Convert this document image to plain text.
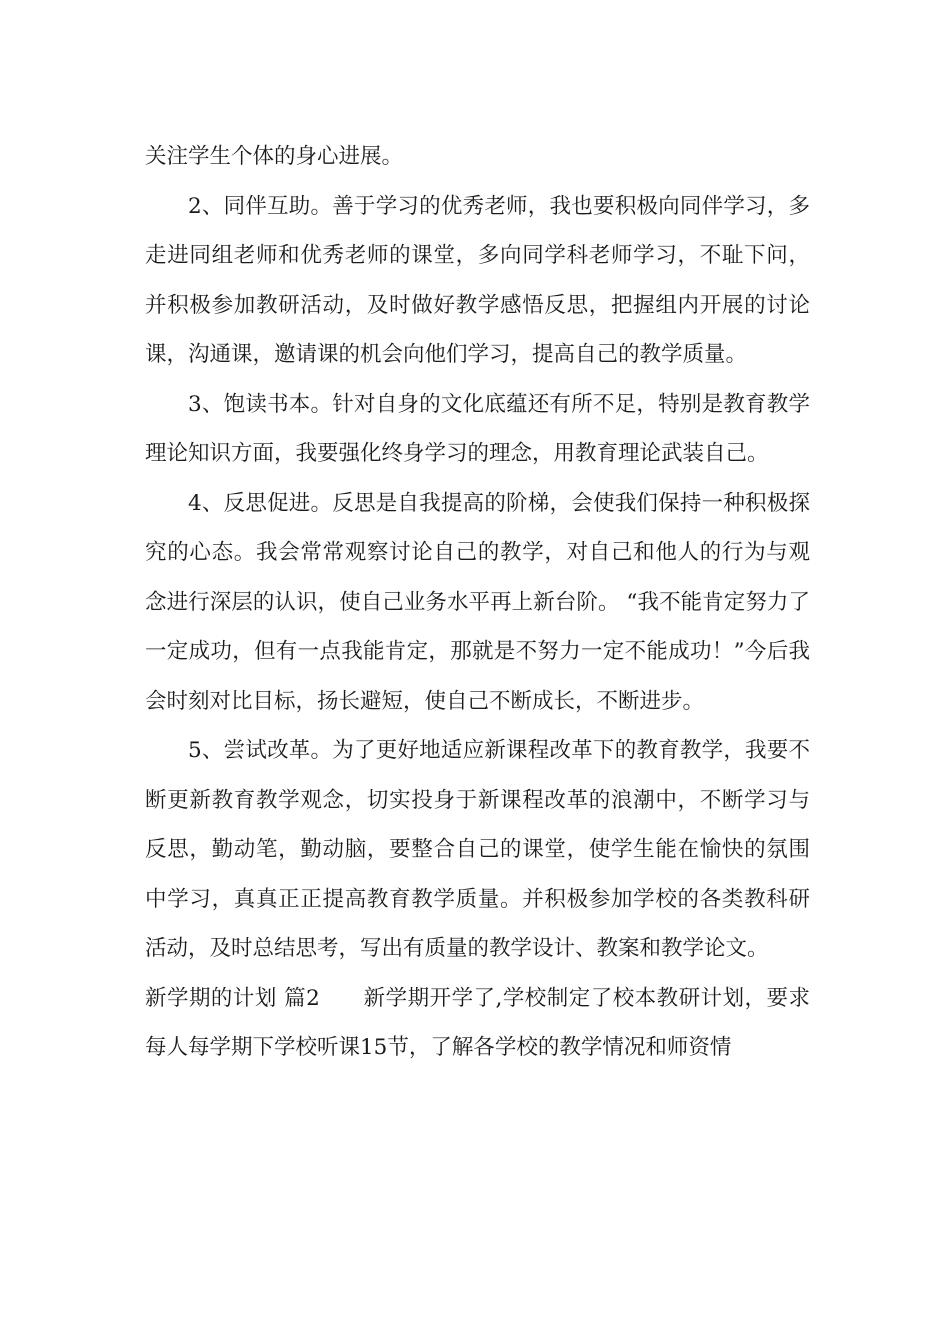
关注学生个体的身心进展。

2、同伴互助。善于学习的优秀老师，我也要积极向同伴学习，多走进同组老师和优秀老师的课堂，多向同学科老师学习，不耻下问，并积极参加教研活动，及时做好教学感悟反思，把握组内开展的讨论课，沟通课，邀请课的机会向他们学习，提高自己的教学质量。

3、饱读书本。针对自身的文化底蕴还有所不足，特别是教育教学理论知识方面，我要强化终身学习的理念，用教育理论武装自己。

4、反思促进。反思是自我提高的阶梯，会使我们保持一种积极探究的心态。我会常常观察讨论自己的教学，对自己和他人的行为与观念进行深层的认识，使自己业务水平再上新台阶。 “我不能肯定努力了一定成功，但有一点我能肯定，那就是不努力一定不能成功！”今后我会时刻对比目标，扬长避短，使自己不断成长，不断进步。

5、尝试改革。为了更好地适应新课程改革下的教育教学，我要不断更新教育教学观念，切实投身于新课程改革的浪潮中，不断学习与反思，勤动笔，勤动脑，要整合自己的课堂，使学生能在愉快的氛围中学习，真真正正提高教育教学质量。并积极参加学校的各类教科研活动，及时总结思考，写出有质量的教学设计、教案和教学论文。

新学期的计划 篇2 新学期开学了,学校制定了校本教研计划，要求每人每学期下学校听课15节，了解各学校的教学情况和师资情
